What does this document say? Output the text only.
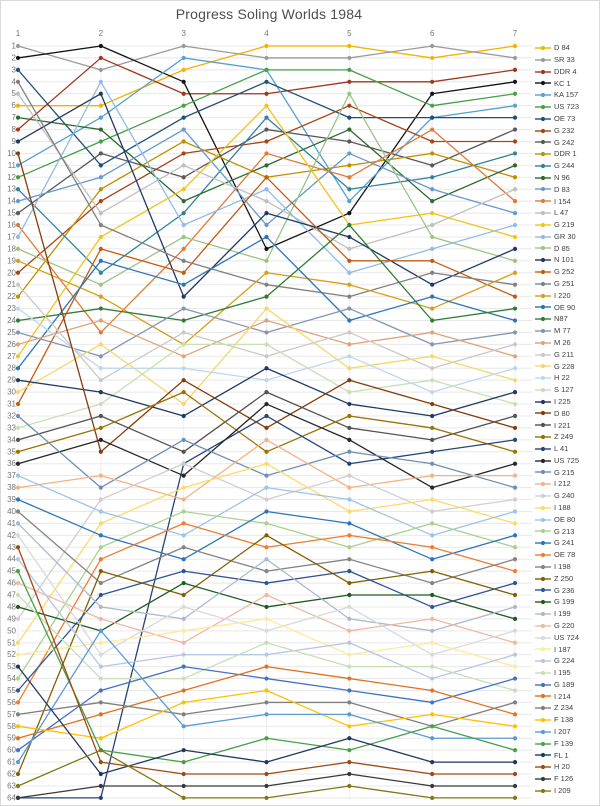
Progress Soling Worlds 1984
1
2
3
4
5
6
7
8
9
10
11
12
13
14
15
16
17
18
19
20
21
22
23
24
25
26
27
28
29
30
31
32
33
34
35
36
37
38
39
40
41
42
43
44
45
46
47
48
49
50
51
52
53
54
55
56
57
58
59
60
61
62
63
64
1	2	3	4	5	6	7
D 84
SR 33
DDR 4
KC 1
KA 157
US 723
OE 73
G 232
G 242
DDR 1
G 244
N 96
D 83
I 154
L 47
G 219
GR 30
D 85
N 101
G 252
G 251
I 220
OE 90
N87
M 77
M 26
G 211
G 228
H 22
S 127
I 225
D 80
I 221
Z 249
L 41
US 725
G 215
I 212
G 240
I 188
OE 80
G 213
G 241
OE 78
I 198
Z 250
G 236
G 199
I 199
G 220
US 724
I 187
G 224
I 195
G 189
I 214
Z 234
F 138
I 207
F 139
FL 1
H 20
F 126
I 209
